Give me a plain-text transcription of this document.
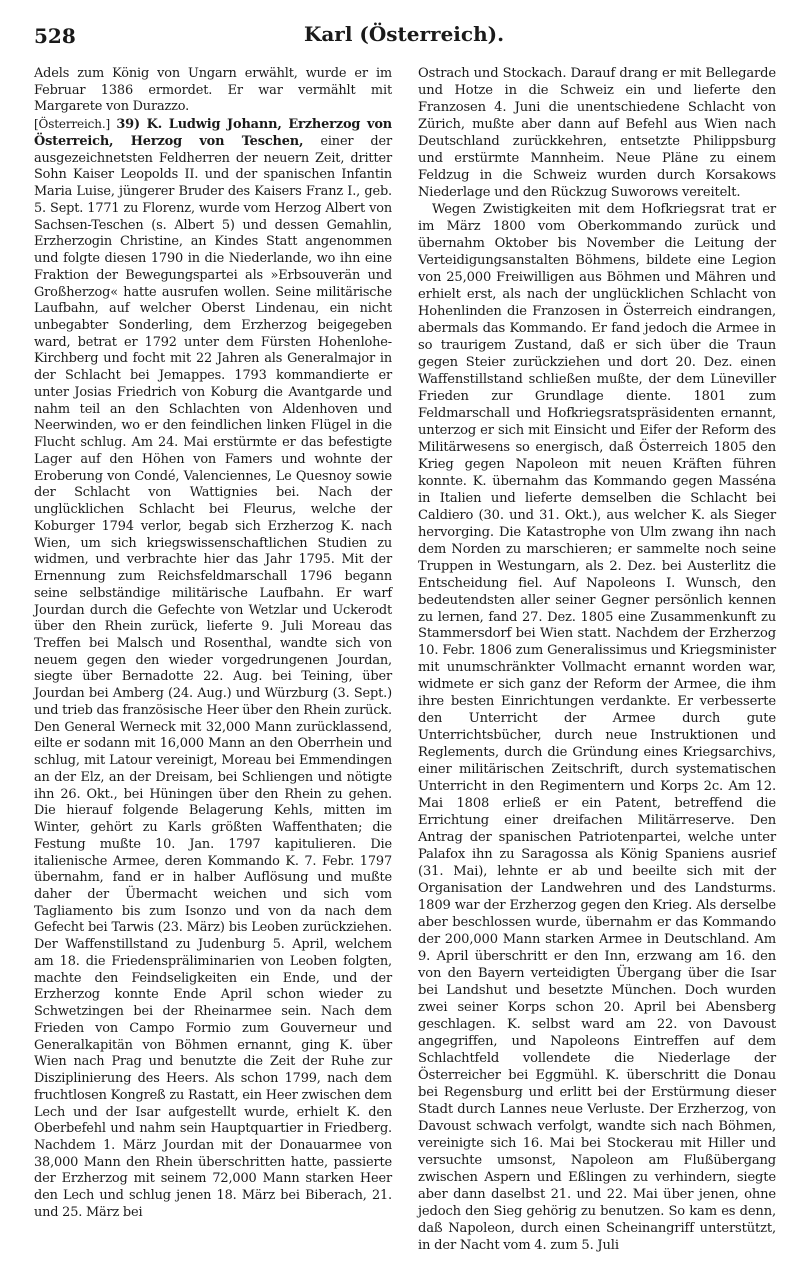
528	Karl (Österreich).

Adels zum König von Ungarn erwählt, wurde er im Februar 1386 ermordet. Er war vermählt mit Margarete von Durazzo.

[Österreich.] 39) K. Ludwig Johann, Erzherzog von Österreich, Herzog von Teschen, einer der ausgezeichnetsten Feldherren der neuern Zeit, dritter Sohn Kaiser Leopolds II. und der spanischen Infantin Maria Luise, jüngerer Bruder des Kaisers Franz I., geb. 5. Sept. 1771 zu Florenz, wurde vom Herzog Albert von Sachsen-Teschen (s. Albert 5) und dessen Gemahlin, Erzherzogin Christine, an Kindes Statt angenommen und folgte diesen 1790 in die Niederlande, wo ihn eine Fraktion der Bewegungspartei als »Erbsouverän und Großherzog« hatte ausrufen wollen. Seine militärische Laufbahn, auf welcher Oberst Lindenau, ein nicht unbegabter Sonderling, dem Erzherzog beigegeben ward, betrat er 1792 unter dem Fürsten Hohenlohe-Kirchberg und focht mit 22 Jahren als Generalmajor in der Schlacht bei Jemappes. 1793 kommandierte er unter Josias Friedrich von Koburg die Avantgarde und nahm teil an den Schlachten von Aldenhoven und Neerwinden, wo er den feindlichen linken Flügel in die Flucht schlug. Am 24. Mai erstürmte er das befestigte Lager auf den Höhen von Famers und wohnte der Eroberung von Condé, Valenciennes, Le Quesnoy sowie der Schlacht von Wattignies bei. Nach der unglücklichen Schlacht bei Fleurus, welche der Koburger 1794 verlor, begab sich Erzherzog K. nach Wien, um sich kriegswissenschaftlichen Studien zu widmen, und verbrachte hier das Jahr 1795. Mit der Ernennung zum Reichsfeldmarschall 1796 begann seine selbständige militärische Laufbahn. Er warf Jourdan durch die Gefechte von Wetzlar und Uckerodt über den Rhein zurück, lieferte 9. Juli Moreau das Treffen bei Malsch und Rosenthal, wandte sich von neuem gegen den wieder vorgedrungenen Jourdan, siegte über Bernadotte 22. Aug. bei Teining, über Jourdan bei Amberg (24. Aug.) und Würzburg (3. Sept.) und trieb das französische Heer über den Rhein zurück. Den General Werneck mit 32,000 Mann zurücklassend, eilte er sodann mit 16,000 Mann an den Oberrhein und schlug, mit Latour vereinigt, Moreau bei Emmendingen an der Elz, an der Dreisam, bei Schliengen und nötigte ihn 26. Okt., bei Hüningen über den Rhein zu gehen. Die hierauf folgende Belagerung Kehls, mitten im Winter, gehört zu Karls größten Waffenthaten; die Festung mußte 10. Jan. 1797 kapitulieren. Die italienische Armee, deren Kommando K. 7. Febr. 1797 übernahm, fand er in halber Auflösung und mußte daher der Übermacht weichen und sich vom Tagliamento bis zum Isonzo und von da nach dem Gefecht bei Tarwis (23. März) bis Leoben zurückziehen. Der Waffenstillstand zu Judenburg 5. April, welchem am 18. die Friedenspräliminarien von Leoben folgten, machte den Feindseligkeiten ein Ende, und der Erzherzog konnte Ende April schon wieder zu Schwetzingen bei der Rheinarmee sein. Nach dem Frieden von Campo Formio zum Gouverneur und Generalkapitän von Böhmen ernannt, ging K. über Wien nach Prag und benutzte die Zeit der Ruhe zur Disziplinierung des Heers. Als schon 1799, nach dem fruchtlosen Kongreß zu Rastatt, ein Heer zwischen dem Lech und der Isar aufgestellt wurde, erhielt K. den Oberbefehl und nahm sein Hauptquartier in Friedberg. Nachdem 1. März Jourdan mit der Donauarmee von 38,000 Mann den Rhein überschritten hatte, passierte der Erzherzog mit seinem 72,000 Mann starken Heer den Lech und schlug jenen 18. März bei Biberach, 21. und 25. März bei

Ostrach und Stockach. Darauf drang er mit Bellegarde und Hotze in die Schweiz ein und lieferte den Franzosen 4. Juni die unentschiedene Schlacht von Zürich, mußte aber dann auf Befehl aus Wien nach Deutschland zurückkehren, entsetzte Philippsburg und erstürmte Mannheim. Neue Pläne zu einem Feldzug in die Schweiz wurden durch Korsakows Niederlage und den Rückzug Suworows vereitelt.

Wegen Zwistigkeiten mit dem Hofkriegsrat trat er im März 1800 vom Oberkommando zurück und übernahm Oktober bis November die Leitung der Verteidigungsanstalten Böhmens, bildete eine Legion von 25,000 Freiwilligen aus Böhmen und Mähren und erhielt erst, als nach der unglücklichen Schlacht von Hohenlinden die Franzosen in Österreich eindrangen, abermals das Kommando. Er fand jedoch die Armee in so traurigem Zustand, daß er sich über die Traun gegen Steier zurückziehen und dort 20. Dez. einen Waffenstillstand schließen mußte, der dem Lüneviller Frieden zur Grundlage diente. 1801 zum Feldmarschall und Hofkriegsratspräsidenten ernannt, unterzog er sich mit Einsicht und Eifer der Reform des Militärwesens so energisch, daß Österreich 1805 den Krieg gegen Napoleon mit neuen Kräften führen konnte. K. übernahm das Kommando gegen Masséna in Italien und lieferte demselben die Schlacht bei Caldiero (30. und 31. Okt.), aus welcher K. als Sieger hervorging. Die Katastrophe von Ulm zwang ihn nach dem Norden zu marschieren; er sammelte noch seine Truppen in Westungarn, als 2. Dez. bei Austerlitz die Entscheidung fiel. Auf Napoleons I. Wunsch, den bedeutendsten aller seiner Gegner persönlich kennen zu lernen, fand 27. Dez. 1805 eine Zusammenkunft zu Stammersdorf bei Wien statt. Nachdem der Erzherzog 10. Febr. 1806 zum Generalissimus und Kriegsminister mit unumschränkter Vollmacht ernannt worden war, widmete er sich ganz der Reform der Armee, die ihm ihre besten Einrichtungen verdankte. Er verbesserte den Unterricht der Armee durch gute Unterrichtsbücher, durch neue Instruktionen und Reglements, durch die Gründung eines Kriegsarchivs, einer militärischen Zeitschrift, durch systematischen Unterricht in den Regimentern und Korps 2c. Am 12. Mai 1808 erließ er ein Patent, betreffend die Errichtung einer dreifachen Militärreserve. Den Antrag der spanischen Patriotenpartei, welche unter Palafox ihn zu Saragossa als König Spaniens ausrief (31. Mai), lehnte er ab und beeilte sich mit der Organisation der Landwehren und des Landsturms. 1809 war der Erzherzog gegen den Krieg. Als derselbe aber beschlossen wurde, übernahm er das Kommando der 200,000 Mann starken Armee in Deutschland. Am 9. April überschritt er den Inn, erzwang am 16. den von den Bayern verteidigten Übergang über die Isar bei Landshut und besetzte München. Doch wurden zwei seiner Korps schon 20. April bei Abensberg geschlagen. K. selbst ward am 22. von Davoust angegriffen, und Napoleons Eintreffen auf dem Schlachtfeld vollendete die Niederlage der Österreicher bei Eggmühl. K. überschritt die Donau bei Regensburg und erlitt bei der Erstürmung dieser Stadt durch Lannes neue Verluste. Der Erzherzog, von Davoust schwach verfolgt, wandte sich nach Böhmen, vereinigte sich 16. Mai bei Stockerau mit Hiller und versuchte umsonst, Napoleon am Flußübergang zwischen Aspern und Eßlingen zu verhindern, siegte aber dann daselbst 21. und 22. Mai über jenen, ohne jedoch den Sieg gehörig zu benutzen. So kam es denn, daß Napoleon, durch einen Scheinangriff unterstützt, in der Nacht vom 4. zum 5. Juli
